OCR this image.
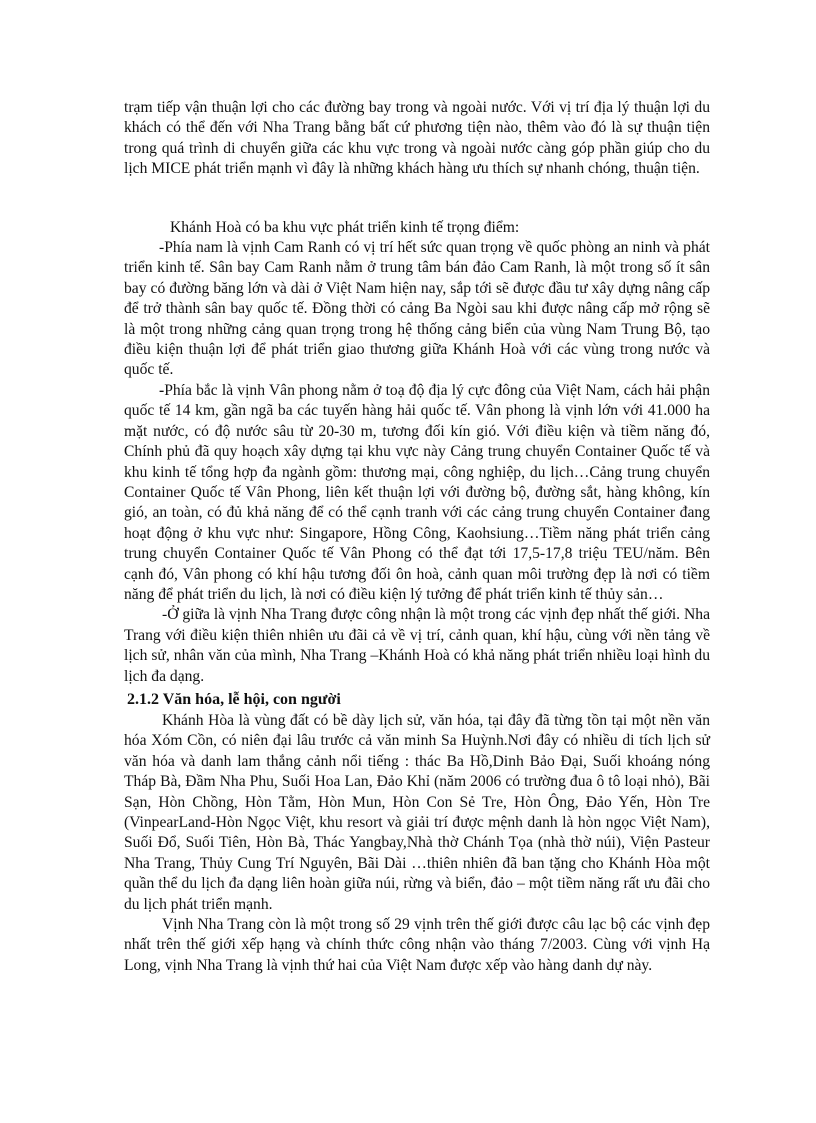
trạm tiếp vận thuận lợi cho các đường bay trong và ngoài nước. Với vị trí địa lý thuận lợi du khách có thể đến với Nha Trang bằng bất cứ phương tiện nào, thêm vào đó là sự thuận tiện trong quá trình di chuyển giữa các khu vực trong và ngoài nước càng góp phần giúp cho du lịch MICE phát triển mạnh vì đây là những khách hàng ưu thích sự nhanh chóng, thuận tiện.

Khánh Hoà có ba khu vực phát triển kinh tế trọng điểm:

-Phía nam là vịnh Cam Ranh có vị trí hết sức quan trọng về quốc phòng an ninh và phát triển kinh tế. Sân bay Cam Ranh nằm ở trung tâm bán đảo Cam Ranh, là một trong số ít sân bay có đường băng lớn và dài ở Việt Nam hiện nay, sắp tới sẽ được đầu tư xây dựng nâng cấp để trở thành sân bay quốc tế. Đồng thời có cảng Ba Ngòi sau khi được nâng cấp mở rộng sẽ là một trong những cảng quan trọng trong hệ thống cảng biển của vùng Nam Trung Bộ, tạo điều kiện thuận lợi để phát triển giao thương giữa Khánh Hoà với các vùng trong nước và quốc tế.

-Phía bắc là vịnh Vân phong nằm ở toạ độ địa lý cực đông của Việt Nam, cách hải phận quốc tế 14 km, gần ngã ba các tuyến hàng hải quốc tế. Vân phong là vịnh lớn với 41.000 ha mặt nước, có độ nước sâu từ 20-30 m, tương đối kín gió. Với điều kiện và tiềm năng đó, Chính phủ đã quy hoạch xây dựng tại khu vực này Cảng trung chuyển Container Quốc tế và khu kinh tế tổng hợp đa ngành gồm: thương mại, công nghiệp, du lịch…Cảng trung chuyển Container Quốc tế Vân Phong, liên kết thuận lợi với đường bộ, đường sắt, hàng không, kín gió, an toàn, có đủ khả năng để có thể cạnh tranh với các cảng trung chuyển Container đang hoạt động ở khu vực như: Singapore, Hồng Công, Kaohsiung…Tiềm năng phát triển cảng trung chuyển Container Quốc tế Vân Phong có thể đạt tới 17,5-17,8 triệu TEU/năm. Bên cạnh đó, Vân phong có khí hậu tương đối ôn hoà, cảnh quan môi trường đẹp là nơi có tiềm năng để phát triển du lịch, là nơi có điều kiện lý tưởng để phát triển kinh tế thủy sản…

-Ở giữa là vịnh Nha Trang được công nhận là một trong các vịnh đẹp nhất thế giới. Nha Trang với điều kiện thiên nhiên ưu đãi cả về vị trí, cảnh quan, khí hậu, cùng với nền tảng về lịch sử, nhân văn của mình, Nha Trang –Khánh Hoà có khả năng phát triển nhiều loại hình du lịch đa dạng.

2.1.2 Văn hóa, lễ hội, con người

Khánh Hòa là vùng đất có bề dày lịch sử, văn hóa, tại đây đã từng tồn tại một nền văn hóa Xóm Cồn, có niên đại lâu trước cả văn minh Sa Huỳnh.Nơi đây có nhiều di tích lịch sử văn hóa và danh lam thắng cảnh nổi tiếng : thác Ba Hồ,Dinh Bảo Đại, Suối khoáng nóng Tháp Bà, Đầm Nha Phu, Suối Hoa Lan, Đảo Khỉ (năm 2006 có trường đua ô tô loại nhỏ), Bãi Sạn, Hòn Chồng, Hòn Tằm, Hòn Mun, Hòn Con Sẻ Tre, Hòn Ông, Đảo Yến, Hòn Tre (VinpearLand-Hòn Ngọc Việt, khu resort và giải trí được mệnh danh là hòn ngọc Việt Nam), Suối Đổ, Suối Tiên, Hòn Bà, Thác Yangbay,Nhà thờ Chánh Tọa (nhà thờ núi), Viện Pasteur Nha Trang, Thủy Cung Trí Nguyên, Bãi Dài …thiên nhiên đã ban tặng cho Khánh Hòa một quần thể du lịch đa dạng liên hoàn giữa núi, rừng và biển, đảo – một tiềm năng rất ưu đãi cho du lịch phát triển mạnh.

Vịnh Nha Trang còn là một trong số 29 vịnh trên thế giới được câu lạc bộ các vịnh đẹp nhất trên thế giới xếp hạng và chính thức công nhận vào tháng 7/2003. Cùng với vịnh Hạ Long, vịnh Nha Trang là vịnh thứ hai của Việt Nam được xếp vào hàng danh dự này.
